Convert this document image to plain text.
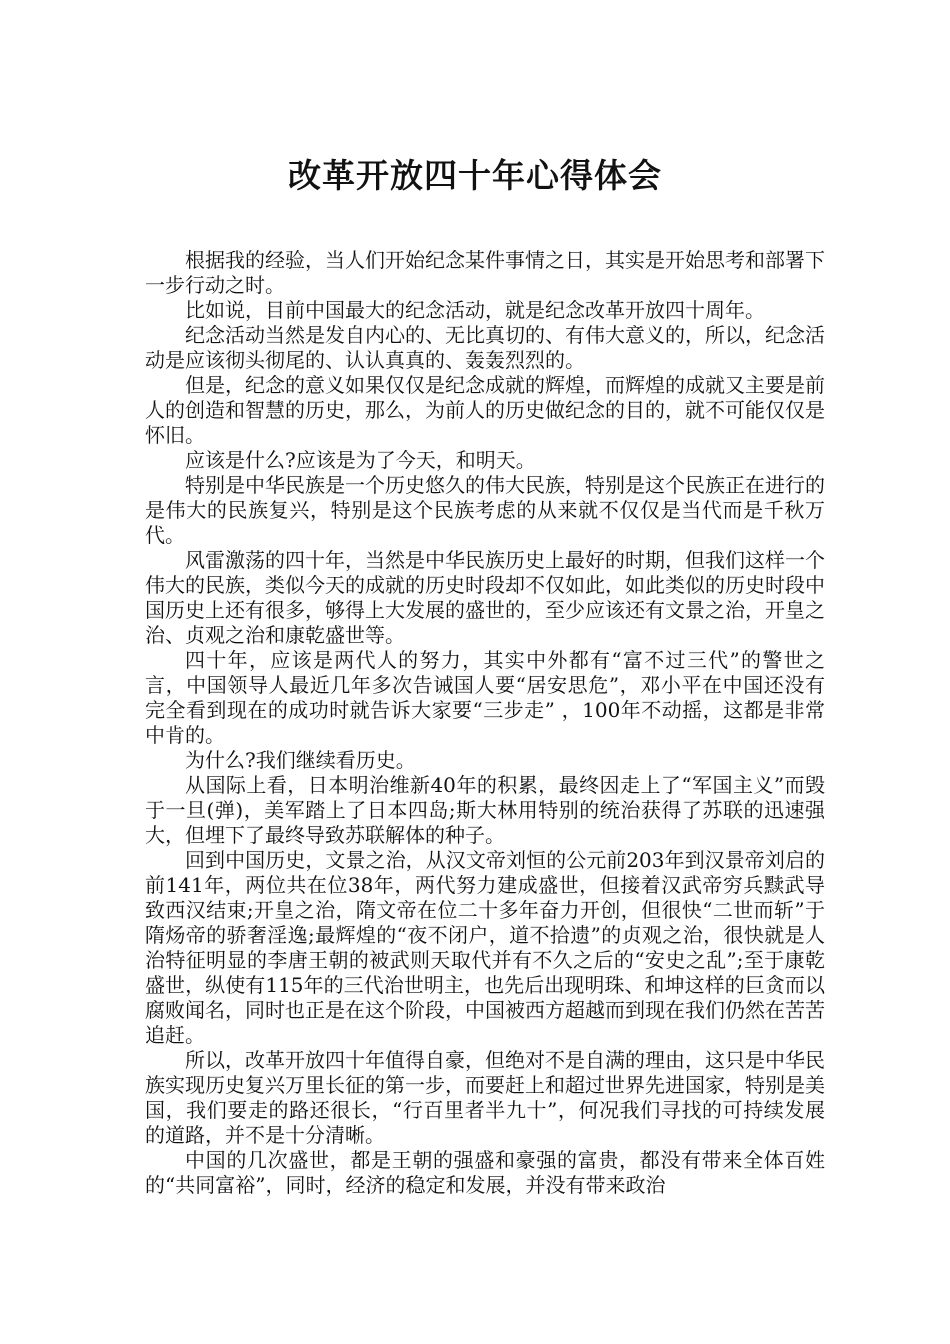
改革开放四十年心得体会

根据我的经验，当人们开始纪念某件事情之日，其实是开始思考和部署下一步行动之时。

比如说，目前中国最大的纪念活动，就是纪念改革开放四十周年。

纪念活动当然是发自内心的、无比真切的、有伟大意义的，所以，纪念活动是应该彻头彻尾的、认认真真的、轰轰烈烈的。

但是，纪念的意义如果仅仅是纪念成就的辉煌，而辉煌的成就又主要是前人的创造和智慧的历史，那么，为前人的历史做纪念的目的，就不可能仅仅是怀旧。

应该是什么?应该是为了今天，和明天。

特别是中华民族是一个历史悠久的伟大民族，特别是这个民族正在进行的是伟大的民族复兴，特别是这个民族考虑的从来就不仅仅是当代而是千秋万代。

风雷激荡的四十年，当然是中华民族历史上最好的时期，但我们这样一个伟大的民族，类似今天的成就的历史时段却不仅如此，如此类似的历史时段中国历史上还有很多，够得上大发展的盛世的，至少应该还有文景之治，开皇之治、贞观之治和康乾盛世等。

四十年，应该是两代人的努力，其实中外都有“富不过三代”的警世之言，中国领导人最近几年多次告诫国人要“居安思危”，邓小平在中国还没有完全看到现在的成功时就告诉大家要“三步走” ，100年不动摇，这都是非常中肯的。

为什么?我们继续看历史。

从国际上看，日本明治维新40年的积累，最终因走上了“军国主义”而毁于一旦(弹)，美军踏上了日本四岛;斯大林用特别的统治获得了苏联的迅速强大，但埋下了最终导致苏联解体的种子。

回到中国历史，文景之治，从汉文帝刘恒的公元前203年到汉景帝刘启的前141年，两位共在位38年，两代努力建成盛世，但接着汉武帝穷兵黩武导致西汉结束;开皇之治，隋文帝在位二十多年奋力开创，但很快“二世而斩”于隋炀帝的骄奢淫逸;最辉煌的“夜不闭户，道不拾遗”的贞观之治，很快就是人治特征明显的李唐王朝的被武则天取代并有不久之后的“安史之乱”;至于康乾盛世，纵使有115年的三代治世明主，也先后出现明珠、和坤这样的巨贪而以腐败闻名，同时也正是在这个阶段，中国被西方超越而到现在我们仍然在苦苦追赶。

所以，改革开放四十年值得自豪，但绝对不是自满的理由，这只是中华民族实现历史复兴万里长征的第一步，而要赶上和超过世界先进国家，特别是美国，我们要走的路还很长，“行百里者半九十”，何况我们寻找的可持续发展的道路，并不是十分清晰。

中国的几次盛世，都是王朝的强盛和豪强的富贵，都没有带来全体百姓的“共同富裕”，同时，经济的稳定和发展，并没有带来政治
